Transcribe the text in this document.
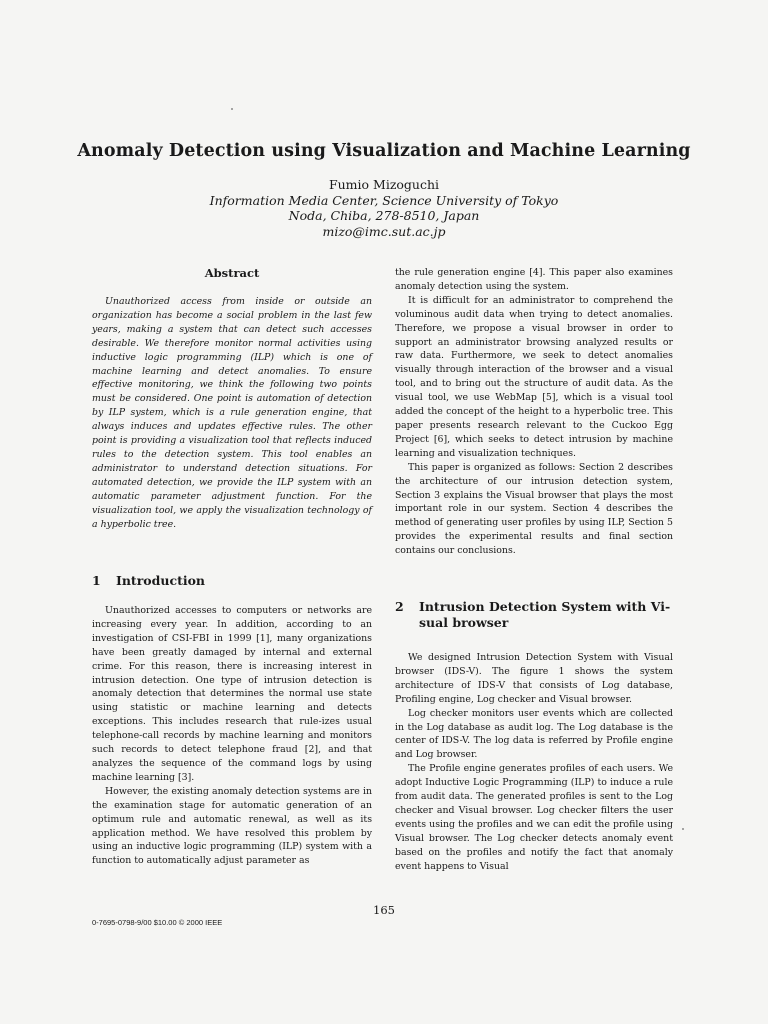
Anomaly Detection using Visualization and Machine Learning
Fumio Mizoguchi
Information Media Center, Science University of Tokyo
Noda, Chiba, 278-8510, Japan
mizo@imc.sut.ac.jp
Abstract

Unauthorized access from inside or outside an organization has become a social problem in the last few years, making a system that can detect such accesses desirable. We therefore monitor normal activities using inductive logic programming (ILP) which is one of machine learning and detect anomalies. To ensure effective monitoring, we think the following two points must be considered. One point is automation of detection by ILP system, which is a rule generation engine, that always induces and updates effective rules. The other point is providing a visualization tool that reflects induced rules to the detection system. This tool enables an administrator to understand detection situations. For automated detection, we provide the ILP system with an automatic parameter adjustment function. For the visualization tool, we apply the visualization technology of a hyperbolic tree.

1 Introduction

Unauthorized accesses to computers or networks are increasing every year. In addition, according to an investigation of CSI-FBI in 1999 [1], many organizations have been greatly damaged by internal and external crime. For this reason, there is increasing interest in intrusion detection. One type of intrusion detection is anomaly detection that determines the normal use state using statistic or machine learning and detects exceptions. This includes research that rule-izes usual telephone-call records by machine learning and monitors such records to detect telephone fraud [2], and that analyzes the sequence of the command logs by using machine learning [3].

However, the existing anomaly detection systems are in the examination stage for automatic generation of an optimum rule and automatic renewal, as well as its application method. We have resolved this problem by using an inductive logic programming (ILP) system with a function to automatically adjust parameter as

the rule generation engine [4]. This paper also examines anomaly detection using the system.

It is difficult for an administrator to comprehend the voluminous audit data when trying to detect anomalies. Therefore, we propose a visual browser in order to support an administrator browsing analyzed results or raw data. Furthermore, we seek to detect anomalies visually through interaction of the browser and a visual tool, and to bring out the structure of audit data. As the visual tool, we use WebMap [5], which is a visual tool added the concept of the height to a hyperbolic tree. This paper presents research relevant to the Cuckoo Egg Project [6], which seeks to detect intrusion by machine learning and visualization techniques.

This paper is organized as follows: Section 2 describes the architecture of our intrusion detection system, Section 3 explains the Visual browser that plays the most important role in our system. Section 4 describes the method of generating user profiles by using ILP, Section 5 provides the experimental results and final section contains our conclusions.

2 Intrusion Detection System with Vi-
sual browser

We designed Intrusion Detection System with Visual browser (IDS-V). The figure 1 shows the system architecture of IDS-V that consists of Log database, Profiling engine, Log checker and Visual browser.

Log checker monitors user events which are collected in the Log database as audit log. The Log database is the center of IDS-V. The log data is referred by Profile engine and Log browser.

The Profile engine generates profiles of each users. We adopt Inductive Logic Programming (ILP) to induce a rule from audit data. The generated profiles is sent to the Log checker and Visual browser. Log checker filters the user events using the profiles and we can edit the profile using Visual browser. The Log checker detects anomaly event based on the profiles and notify the fact that anomaly event happens to Visual

165
0-7695-0798-9/00 $10.00 © 2000 IEEE
